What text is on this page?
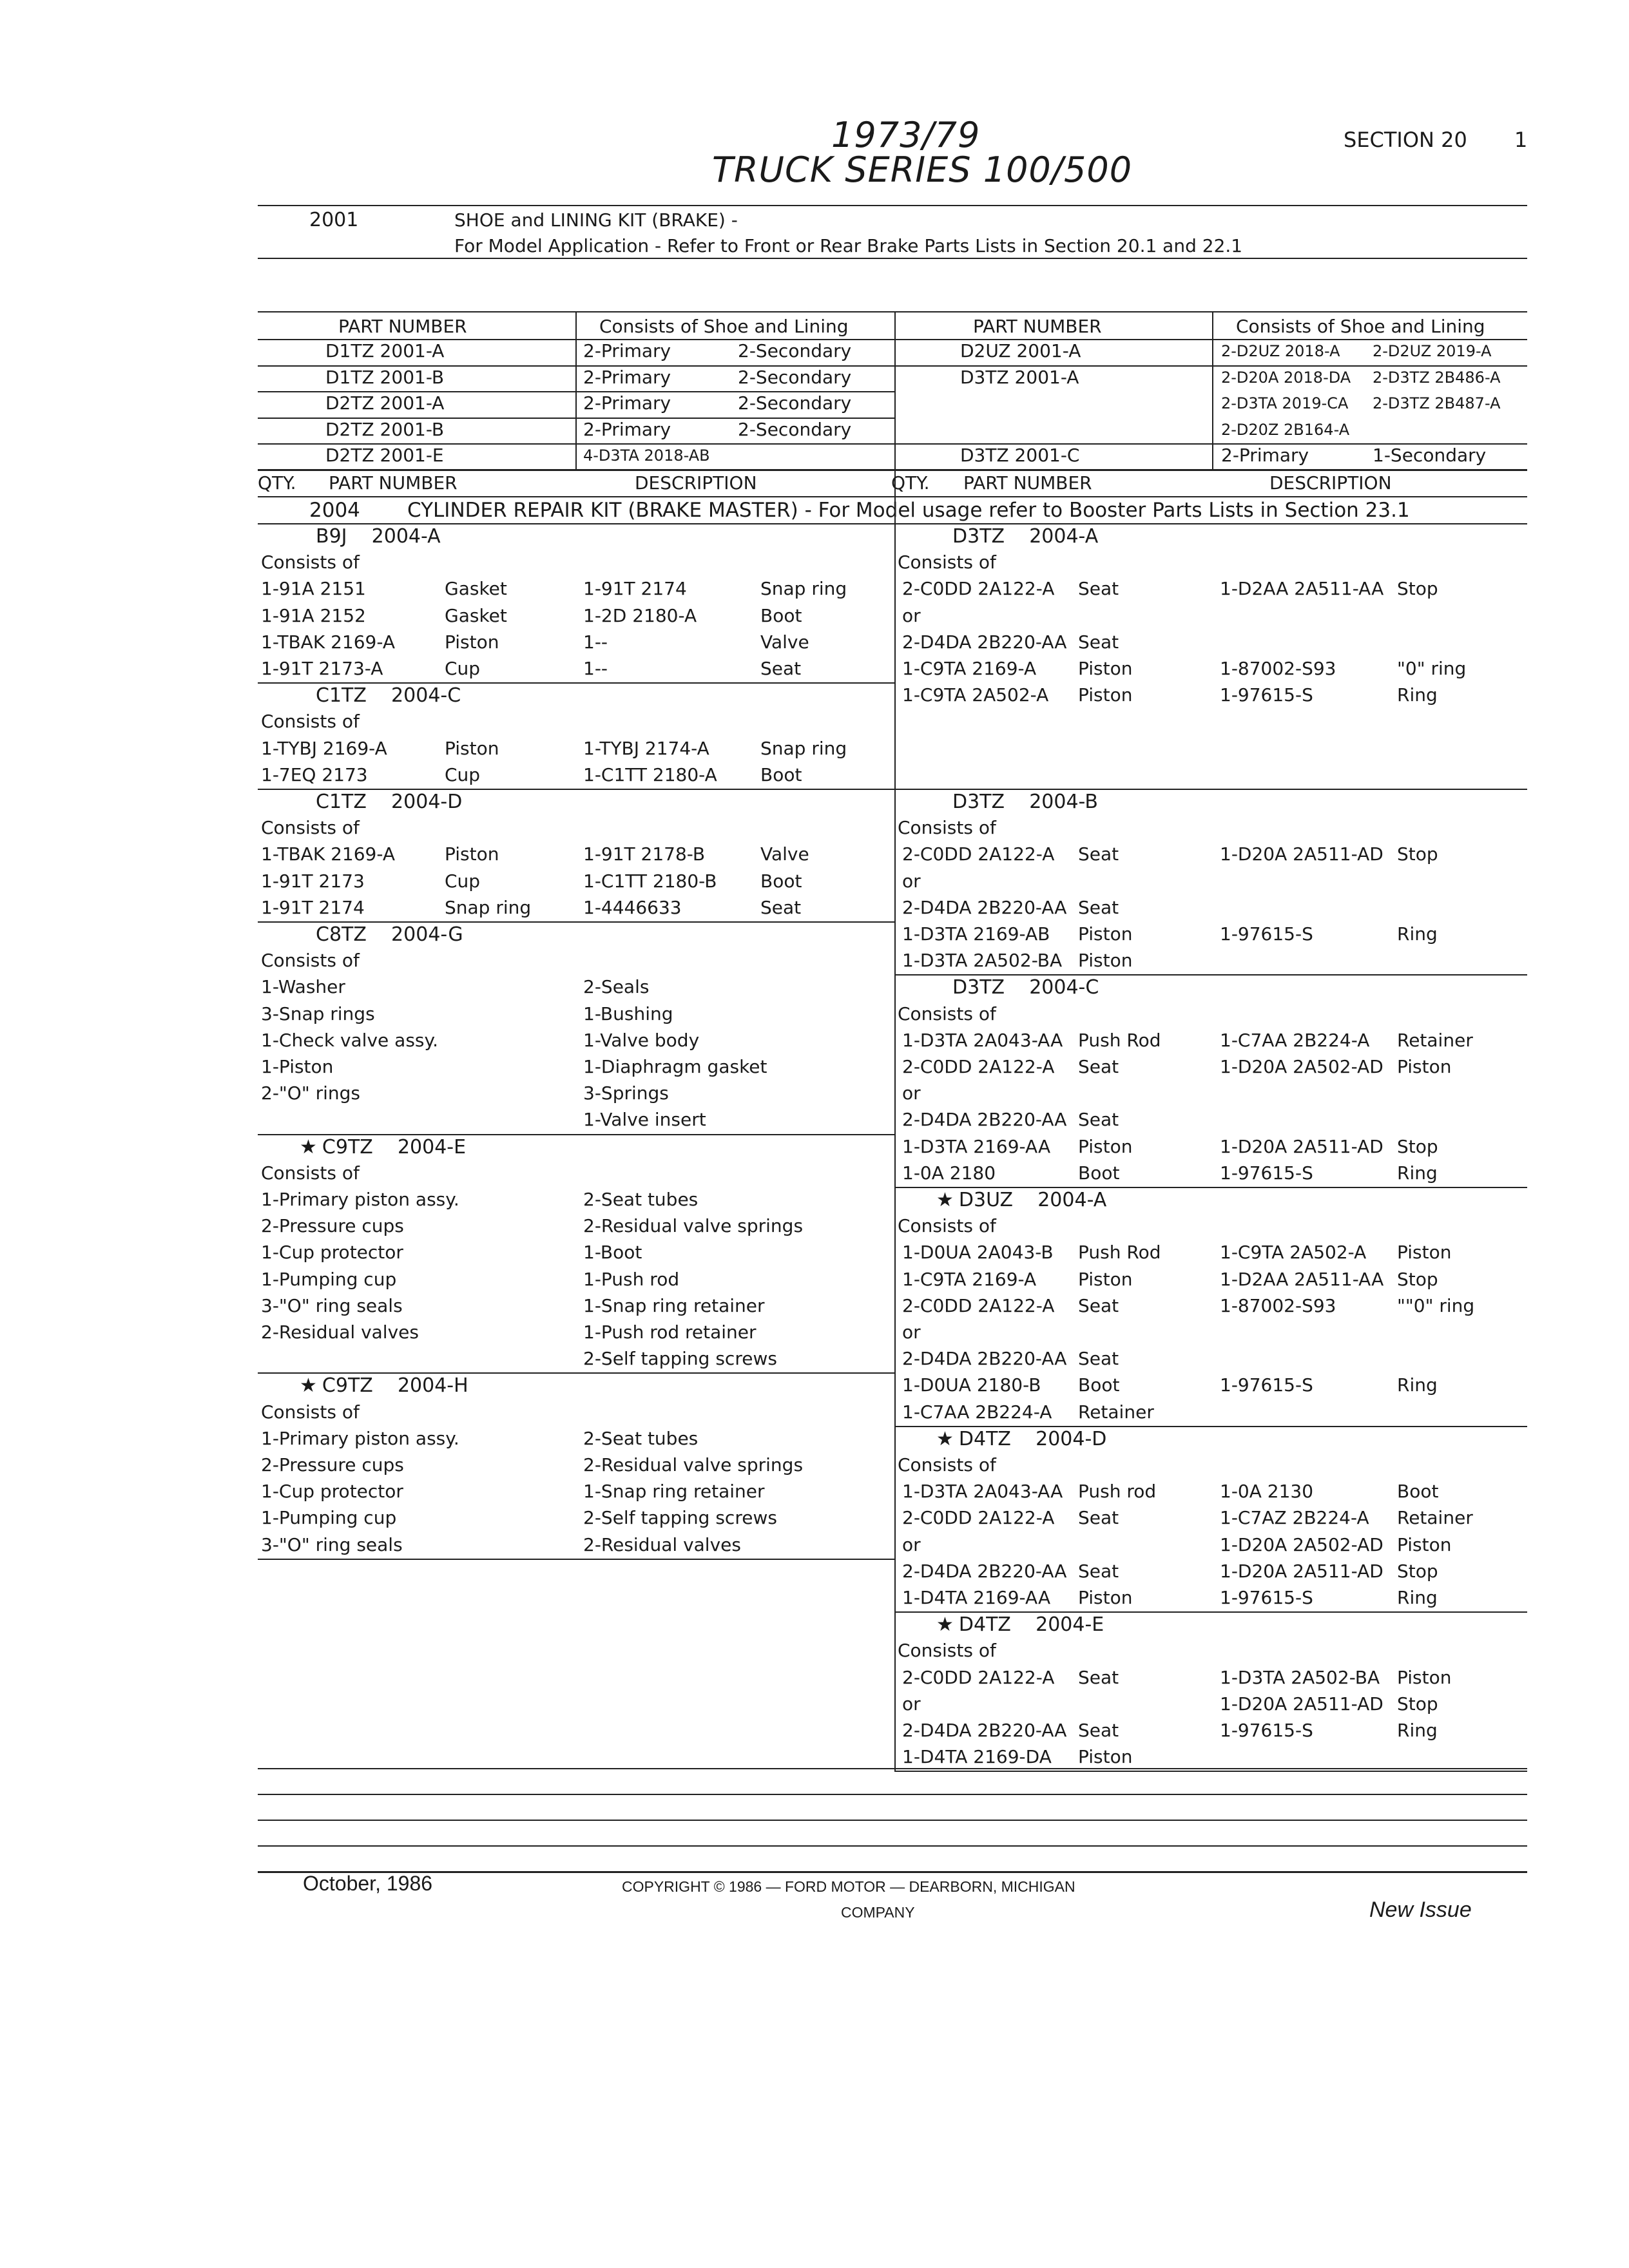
1973/79
TRUCK SERIES 100/500
SECTION 20 1
2001	SHOE and LINING KIT (BRAKE) -
For Model Application - Refer to Front or Rear Brake Parts Lists in Section 20.1 and 22.1
PART NUMBER	Consists of Shoe and Lining	PART NUMBER	Consists of Shoe and Lining
D1TZ 2001-A	2-Primary	2-Secondary
D1TZ 2001-B	2-Primary	2-Secondary
D2TZ 2001-A	2-Primary	2-Secondary
D2TZ 2001-B	2-Primary	2-Secondary
D2TZ 2001-E	4-D3TA 2018-AB
D2UZ 2001-A	2-D2UZ 2018-A 2-D2UZ 2019-A
D3TZ 2001-A	2-D20A 2018-DA 2-D3TZ 2B486-A
2-D3TA 2019-CA 2-D3TZ 2B487-A
2-D20Z 2B164-A
D3TZ 2001-C	2-Primary	1-Secondary
QTY. PART NUMBER	DESCRIPTION	QTY. PART NUMBER	DESCRIPTION
2004 CYLINDER REPAIR KIT (BRAKE MASTER) - For Model usage refer to Booster Parts Lists in Section 23.1
B9J    2004-A
Consists of
1-91A 2151	Gasket	1-91T 2174	Snap ring
1-91A 2152	Gasket	1-2D 2180-A	Boot
1-TBAK 2169-A	Piston	1--	Valve
1-91T 2173-A	Cup	1--	Seat
C1TZ    2004-C
Consists of
1-TYBJ 2169-A	Piston	1-TYBJ 2174-A	Snap ring
1-7EQ 2173	Cup	1-C1TT 2180-A Boot
C1TZ    2004-D
Consists of
1-TBAK 2169-A	Piston	1-91T 2178-B	Valve
1-91T 2173	Cup	1-C1TT 2180-B Boot
1-91T 2174	Snap ring	1-4446633	Seat
C8TZ    2004-G
Consists of
1-Washer	2-Seals
3-Snap rings	1-Bushing
1-Check valve assy.	1-Valve body
1-Piston	1-Diaphragm gasket
2-"O" rings	3-Springs
1-Valve insert
★ C9TZ    2004-E
Consists of
1-Primary piston assy.	2-Seat tubes
2-Pressure cups	2-Residual valve springs
1-Cup protector	1-Boot
1-Pumping cup	1-Push rod
3-"O" ring seals	1-Snap ring retainer
2-Residual valves	1-Push rod retainer
2-Self tapping screws
★ C9TZ    2004-H
Consists of
1-Primary piston assy.	2-Seat tubes
2-Pressure cups	2-Residual valve springs
1-Cup protector	1-Snap ring retainer
1-Pumping cup	2-Self tapping screws
3-"O" ring seals	2-Residual valves
D3TZ    2004-A
Consists of
2-C0DD 2A122-A Seat	1-D2AA 2A511-AA Stop
or
2-D4DA 2B220-AA Seat
1-C9TA 2169-A Piston	1-87002-S93	"0" ring
1-C9TA 2A502-A Piston	1-97615-S	Ring
D3TZ    2004-B
Consists of
2-C0DD 2A122-A Seat	1-D20A 2A511-AD Stop
or
2-D4DA 2B220-AA Seat
1-D3TA 2169-AB Piston	1-97615-S	Ring
1-D3TA 2A502-BA Piston
D3TZ    2004-C
Consists of
1-D3TA 2A043-AA Push Rod	1-C7AA 2B224-A Retainer
2-C0DD 2A122-A Seat	1-D20A 2A502-AD Piston
or
2-D4DA 2B220-AA Seat
1-D3TA 2169-AA Piston	1-D20A 2A511-AD Stop
1-0A 2180	Boot	1-97615-S	Ring
★ D3UZ    2004-A
Consists of
1-D0UA 2A043-B Push Rod	1-C9TA 2A502-A Piston
1-C9TA 2169-A Piston	1-D2AA 2A511-AA Stop
2-C0DD 2A122-A Seat	1-87002-S93	""0" ring
or
2-D4DA 2B220-AA Seat
1-D0UA 2180-B Boot	1-97615-S	Ring
1-C7AA 2B224-A Retainer
★ D4TZ    2004-D
Consists of
1-D3TA 2A043-AA Push rod	1-0A 2130	Boot
2-C0DD 2A122-A Seat	1-C7AZ 2B224-A Retainer
or	1-D20A 2A502-AD Piston
2-D4DA 2B220-AA Seat	1-D20A 2A511-AD Stop
1-D4TA 2169-AA Piston	1-97615-S	Ring
★ D4TZ    2004-E
Consists of
2-C0DD 2A122-A Seat	1-D3TA 2A502-BA Piston
or	1-D20A 2A511-AD Stop
2-D4DA 2B220-AA Seat	1-97615-S	Ring
1-D4TA 2169-DA Piston
October, 1986	COPYRIGHT © 1986 — FORD MOTOR — DEARBORN, MICHIGAN
COMPANY	New Issue
